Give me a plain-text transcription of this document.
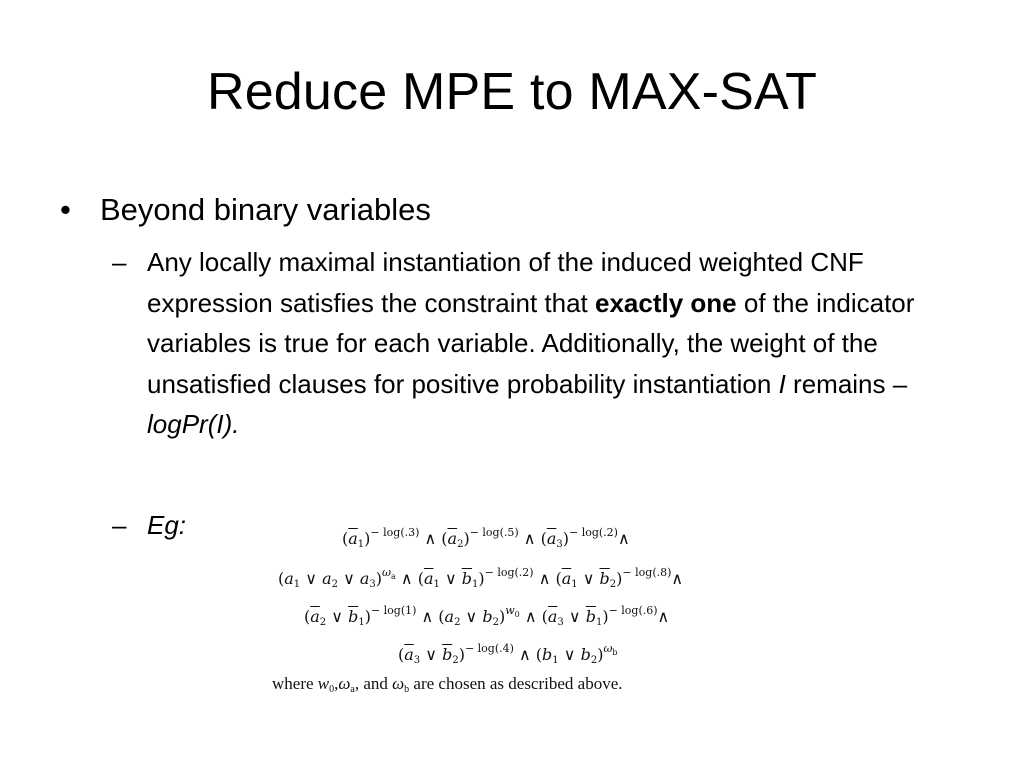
Reduce MPE to MAX-SAT
• Beyond binary variables
– Any locally maximal instantiation of the induced weighted CNF expression satisfies the constraint that exactly one of the indicator variables is true for each variable. Additionally, the weight of the unsatisfied clauses for positive probability instantiation I remains –logPr(I).
– Eg:	$(\overline{a}_1)^{- log(.3)}$ ∧ $(\overline{a}_2)^{- log(.5)}$ ∧ $(\overline{a}_3)^{- log(.2)}\wedge$
($a_1$ ∨ $a_2$ ∨ $a_3)^{\omega_a}$ ∧ ($\overline{a}_1$ ∨ $\overline{b}_1)^{- log(.2)}$ ∧ ($\overline{a}_1$ ∨ $\overline{b}_2)^{- log(.8)}\wedge$
($\overline{a}_2$ ∨ $\overline{b}_1)^{- log(1)}$ ∧ ($a_2$ ∨ $b_2)^{w_0}$ ∧ ($\overline{a}_3$ ∨ $\overline{b}_1)^{- log(.6)}\wedge$
($\overline{a}_3$ ∨ $\overline{b}_2)^{- log(.4)}$ ∧ ($b_1$ ∨ $b_2)^{\omega_b}$
where $w_0,\omega_a$, and $\omega_b$ are chosen as described above.
